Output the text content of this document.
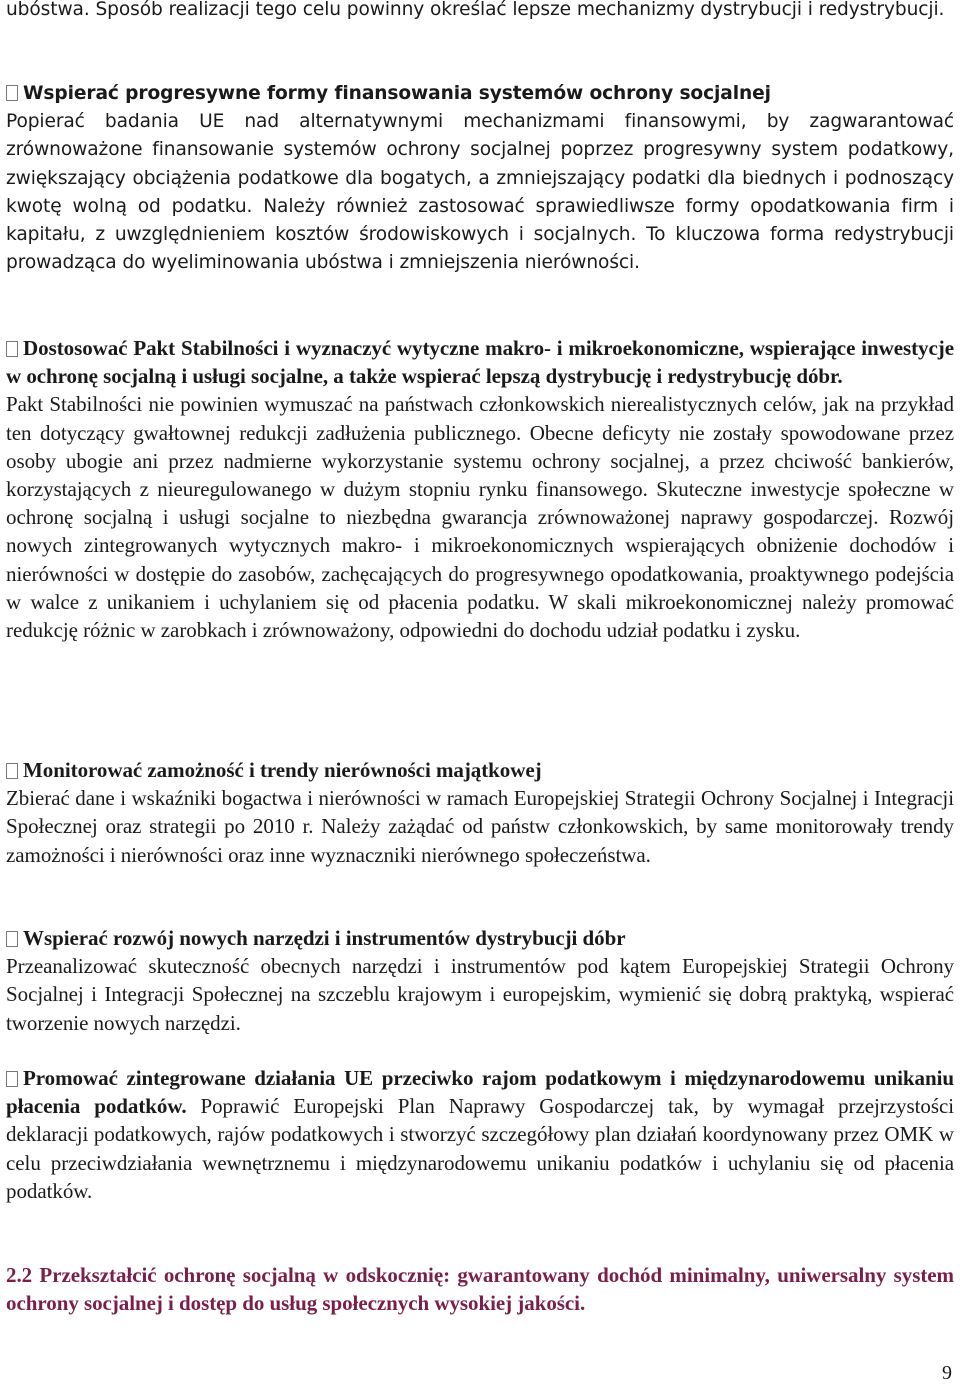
ubóstwa. Sposób realizacji tego celu powinny określać lepsze mechanizmy dystrybucji i redystrybucji.

Wspierać progresywne formy finansowania systemów ochrony socjalnej

Popierać badania UE nad alternatywnymi mechanizmami finansowymi, by zagwarantować zrównoważone finansowanie systemów ochrony socjalnej poprzez progresywny system podatkowy, zwiększający obciążenia podatkowe dla bogatych, a zmniejszający podatki dla biednych i podnoszący kwotę wolną od podatku. Należy również zastosować sprawiedliwsze formy opodatkowania firm i kapitału, z uwzględnieniem kosztów środowiskowych i socjalnych. To kluczowa forma redystrybucji prowadząca do wyeliminowania ubóstwa i zmniejszenia nierówności.

Dostosować Pakt Stabilności i wyznaczyć wytyczne makro- i mikroekonomiczne, wspierające inwestycje w ochronę socjalną i usługi socjalne, a także wspierać lepszą dystrybucję i redystrybucję dóbr.

Pakt Stabilności nie powinien wymuszać na państwach członkowskich nierealistycznych celów, jak na przykład ten dotyczący gwałtownej redukcji zadłużenia publicznego. Obecne deficyty nie zostały spowodowane przez osoby ubogie ani przez nadmierne wykorzystanie systemu ochrony socjalnej, a przez chciwość bankierów, korzystających z nieuregulowanego w dużym stopniu rynku finansowego. Skuteczne inwestycje społeczne w ochronę socjalną i usługi socjalne to niezbędna gwarancja zrównoważonej naprawy gospodarczej. Rozwój nowych zintegrowanych wytycznych makro- i mikroekonomicznych wspierających obniżenie dochodów i nierówności w dostępie do zasobów, zachęcających do progresywnego opodatkowania, proaktywnego podejścia w walce z unikaniem i uchylaniem się od płacenia podatku. W skali mikroekonomicznej należy promować redukcję różnic w zarobkach i zrównoważony, odpowiedni do dochodu udział podatku i zysku.

Monitorować zamożność i trendy nierówności majątkowej

Zbierać dane i wskaźniki bogactwa i nierówności w ramach Europejskiej Strategii Ochrony Socjalnej i Integracji Społecznej oraz strategii po 2010 r. Należy zażądać od państw członkowskich, by same monitorowały trendy zamożności i nierówności oraz inne wyznaczniki nierównego społeczeństwa.

Wspierać rozwój nowych narzędzi i instrumentów dystrybucji dóbr

Przeanalizować skuteczność obecnych narzędzi i instrumentów pod kątem Europejskiej Strategii Ochrony Socjalnej i Integracji Społecznej na szczeblu krajowym i europejskim, wymienić się dobrą praktyką, wspierać tworzenie nowych narzędzi.

Promować zintegrowane działania UE przeciwko rajom podatkowym i międzynarodowemu unikaniu płacenia podatków. Poprawić Europejski Plan Naprawy Gospodarczej tak, by wymagał przejrzystości deklaracji podatkowych, rajów podatkowych i stworzyć szczegółowy plan działań koordynowany przez OMK w celu przeciwdziałania wewnętrznemu i międzynarodowemu unikaniu podatków i uchylaniu się od płacenia podatków.

2.2 Przekształcić ochronę socjalną w odskocznię: gwarantowany dochód minimalny, uniwersalny system ochrony socjalnej i dostęp do usług społecznych wysokiej jakości.

9
